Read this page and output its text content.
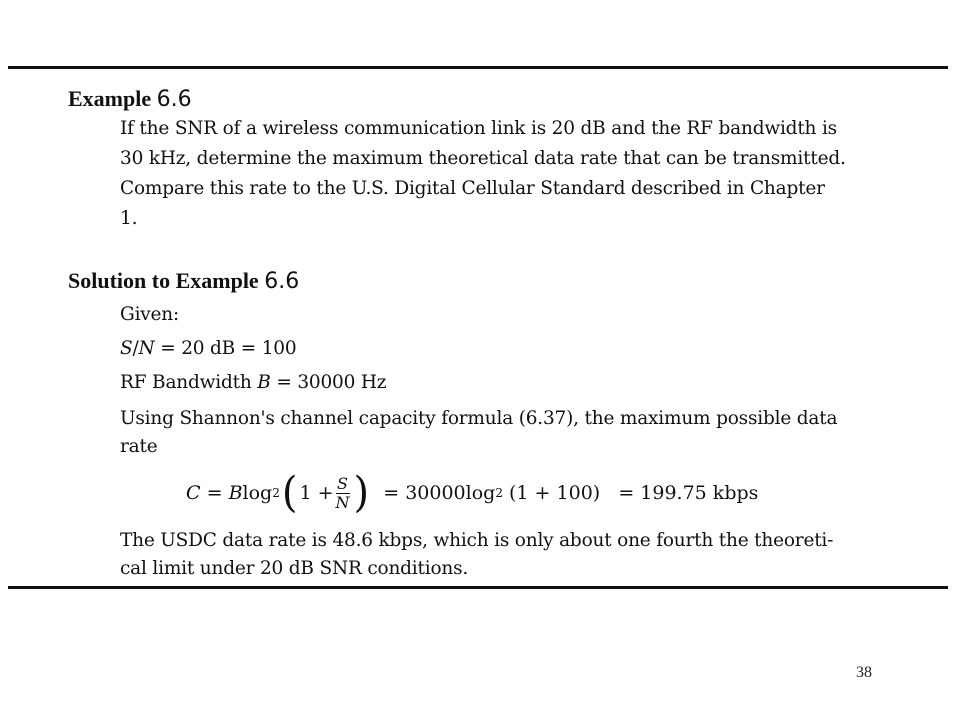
Example 6.6
If the SNR of a wireless communication link is 20 dB and the RF bandwidth is
30 kHz, determine the maximum theoretical data rate that can be transmitted.
Compare this rate to the U.S. Digital Cellular Standard described in Chapter
1.
Solution to Example 6.6
Given:
S/N = 20 dB = 100
RF Bandwidth B = 30000 Hz
Using Shannon's channel capacity formula (6.37), the maximum possible data
rate
C
=
B log 2 ( $1 + \frac{S}{N}$ )
= 30000log 2
(1 + 100)
= 199.75 kbps
The USDC data rate is 48.6 kbps, which is only about one fourth the theoreti-
cal limit under 20 dB SNR conditions.
38
